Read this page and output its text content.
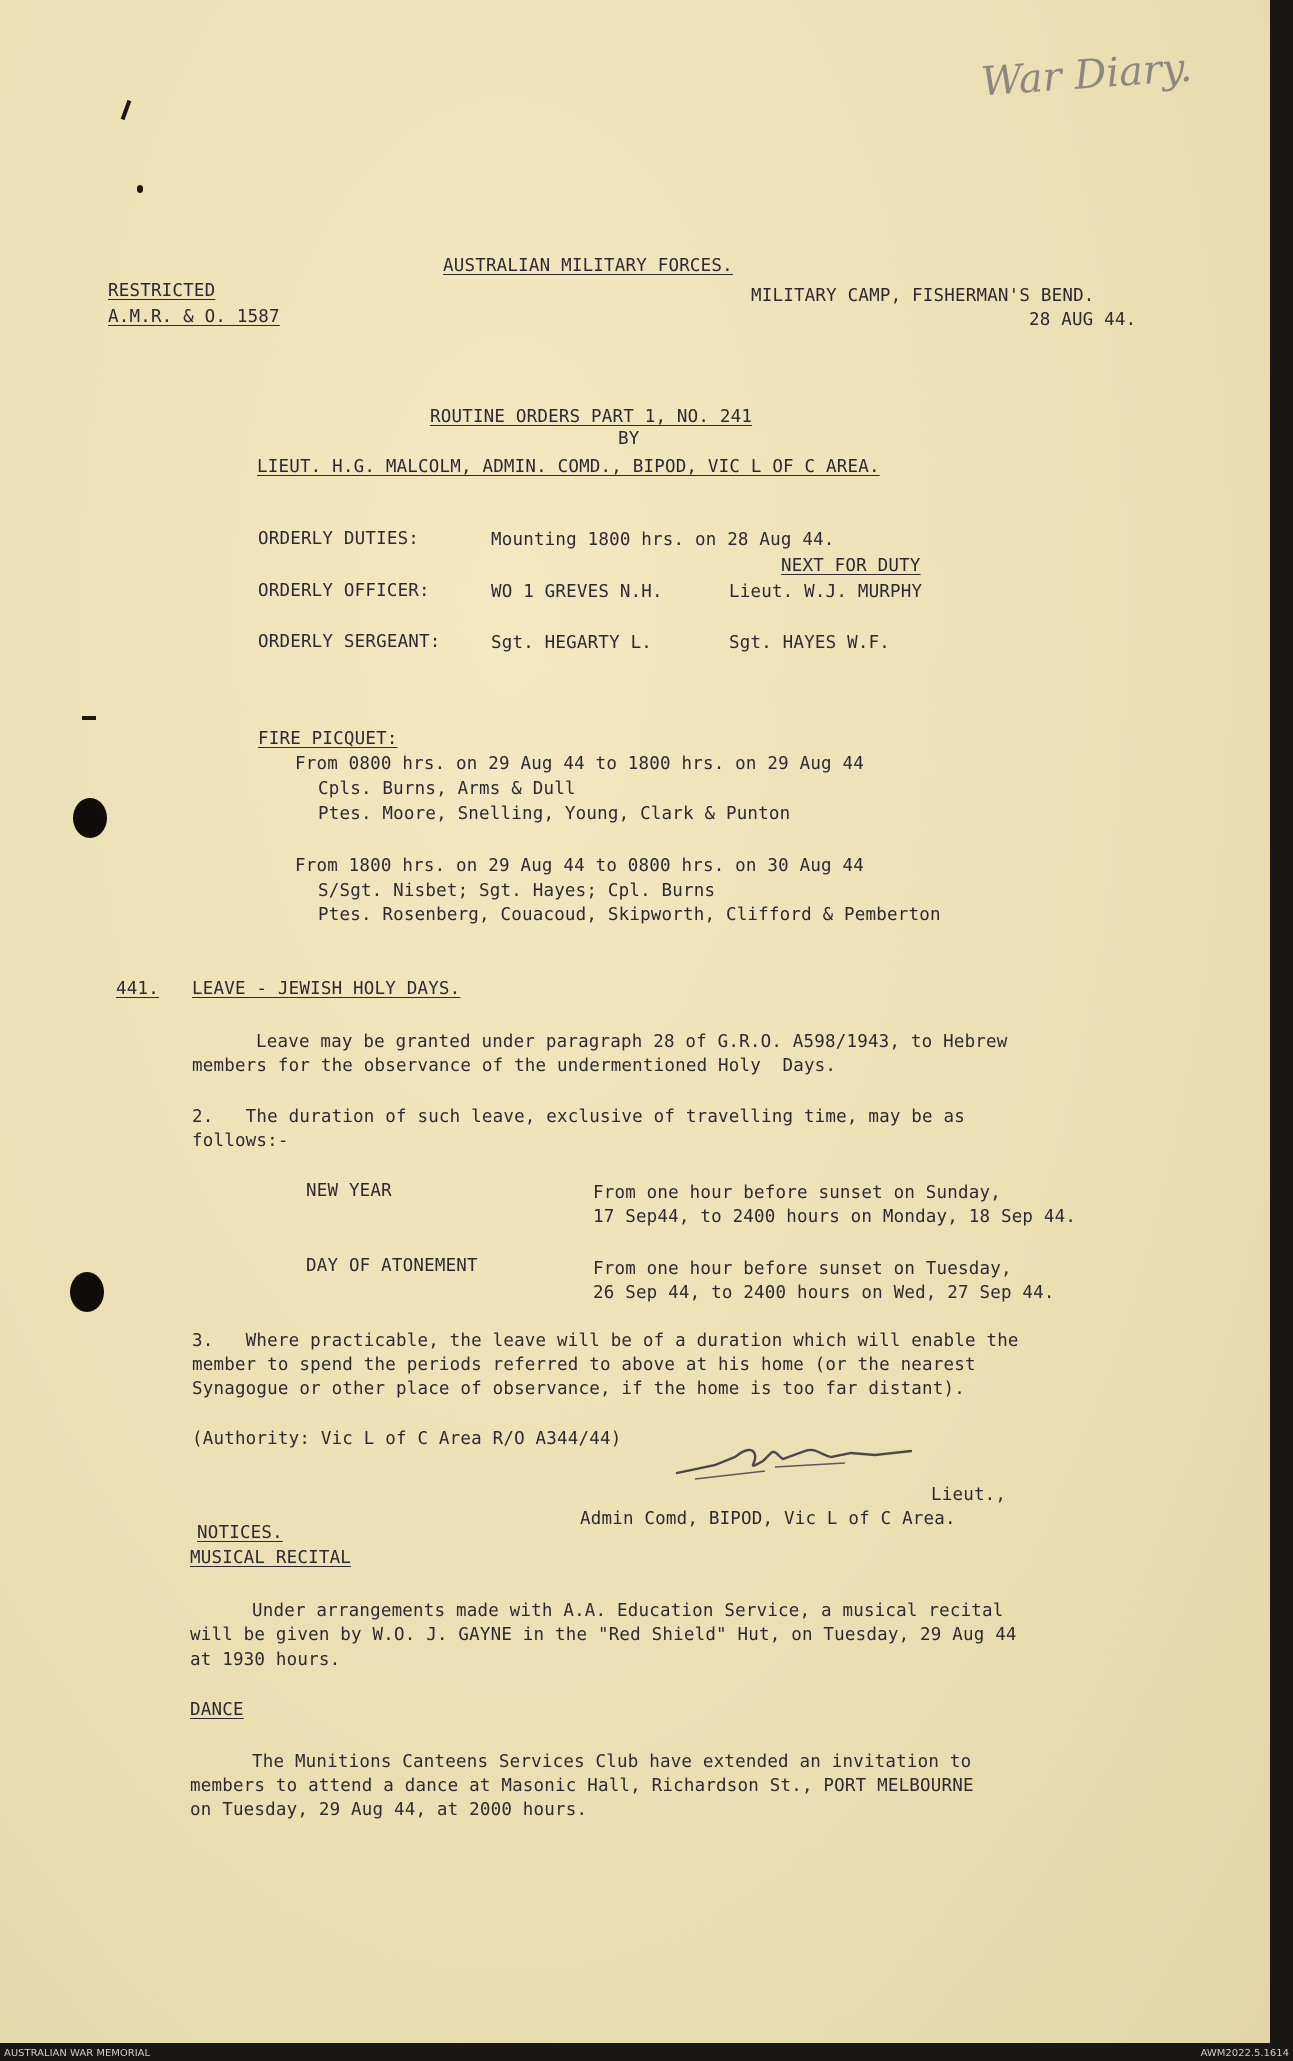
War Diary.
AUSTRALIAN MILITARY FORCES.
RESTRICTED	MILITARY CAMP, FISHERMAN'S BEND.
A.M.R. & O. 1587	28 AUG 44.
ROUTINE ORDERS PART 1, NO. 241
BY
LIEUT. H.G. MALCOLM, ADMIN. COMD., BIPOD, VIC L OF C AREA.
ORDERLY DUTIES:	Mounting 1800 hrs. on 28 Aug 44.
NEXT FOR DUTY
ORDERLY OFFICER:	WO 1 GREVES N.H.	Lieut. W.J. MURPHY
ORDERLY SERGEANT:	Sgt. HEGARTY L.	Sgt. HAYES W.F.
FIRE PICQUET:
From 0800 hrs. on 29 Aug 44 to 1800 hrs. on 29 Aug 44
Cpls. Burns, Arms & Dull
Ptes. Moore, Snelling, Young, Clark & Punton
From 1800 hrs. on 29 Aug 44 to 0800 hrs. on 30 Aug 44
S/Sgt. Nisbet; Sgt. Hayes; Cpl. Burns
Ptes. Rosenberg, Couacoud, Skipworth, Clifford & Pemberton
441. LEAVE - JEWISH HOLY DAYS.
Leave may be granted under paragraph 28 of G.R.O. A598/1943, to Hebrew
members for the observance of the undermentioned Holy  Days.
2.   The duration of such leave, exclusive of travelling time, may be as
follows:-
NEW YEAR	From one hour before sunset on Sunday,
17 Sep44, to 2400 hours on Monday, 18 Sep 44.
DAY OF ATONEMENT	From one hour before sunset on Tuesday,
26 Sep 44, to 2400 hours on Wed, 27 Sep 44.
3.   Where practicable, the leave will be of a duration which will enable the
member to spend the periods referred to above at his home (or the nearest
Synagogue or other place of observance, if the home is too far distant).
(Authority: Vic L of C Area R/O A344/44)
Lieut.,
Admin Comd, BIPOD, Vic L of C Area.
NOTICES.
MUSICAL RECITAL
Under arrangements made with A.A. Education Service, a musical recital
will be given by W.O. J. GAYNE in the "Red Shield" Hut, on Tuesday, 29 Aug 44
at 1930 hours.
DANCE
The Munitions Canteens Services Club have extended an invitation to
members to attend a dance at Masonic Hall, Richardson St., PORT MELBOURNE
on Tuesday, 29 Aug 44, at 2000 hours.
AUSTRALIAN WAR MEMORIAL	AWM2022.5.1614
